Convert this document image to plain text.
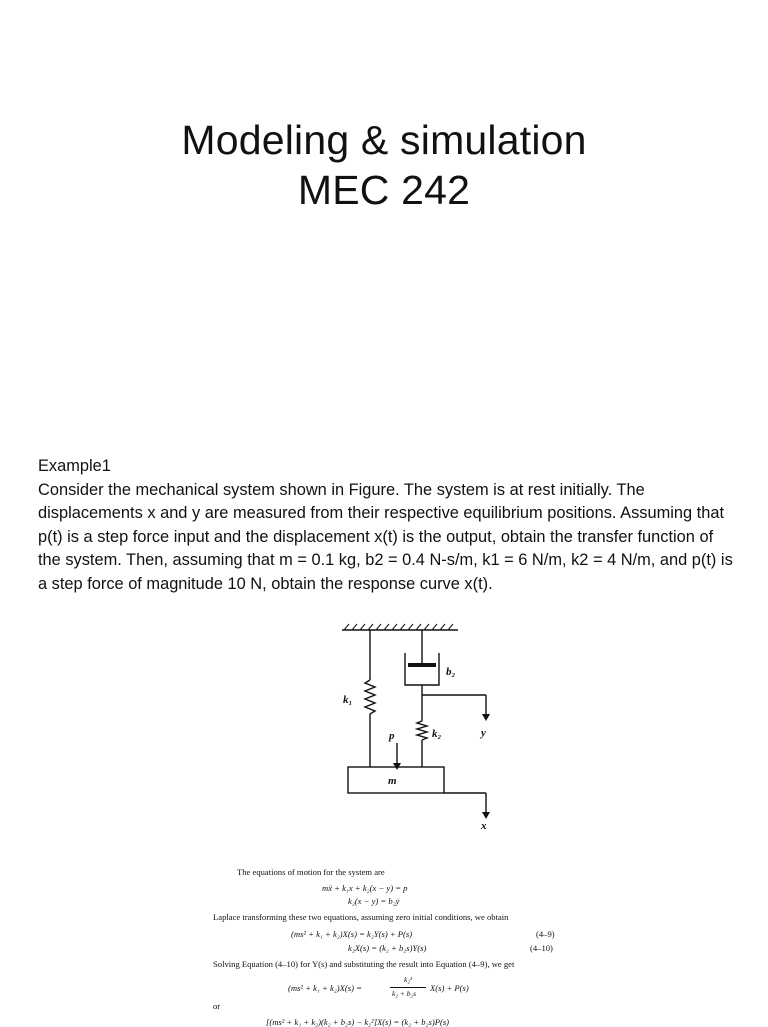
Modeling & simulation
MEC 242

Example1

Consider the mechanical system shown in Figure. The system is at rest initially. The displacements x and y are measured from their respective equilibrium positions. Assuming that p(t) is a step force input and the displacement x(t) is the output, obtain the transfer function of the system. Then, assuming that m = 0.1 kg, b2 = 0.4 N-s/m, k1 = 6 N/m, k2 = 4 N/m, and p(t) is a step force of magnitude 10 N, obtain the response curve x(t).

k₁
b₂
p	k₂	y
m
x
The equations of motion for the system are
mẍ + k₁x + k₂(x − y) = p
k₂(x − y) = b₂ẏ
Laplace transforming these two equations, assuming zero initial conditions, we obtain
(ms² + k₁ + k₂)X(s) = k₂Y(s) + P(s)	(4–9)
k₂X(s) = (k₂ + b₂s)Y(s)	(4–10)
Solving Equation (4–10) for Y(s) and substituting the result into Equation (4–9), we get
(ms² + k₁ + k₂)X(s) =
k₂²
k₂ + b₂s
X(s) + P(s)
or
[(ms² + k₁ + k₂)(k₂ + b₂s) − k₂²]X(s) = (k₂ + b₂s)P(s)
